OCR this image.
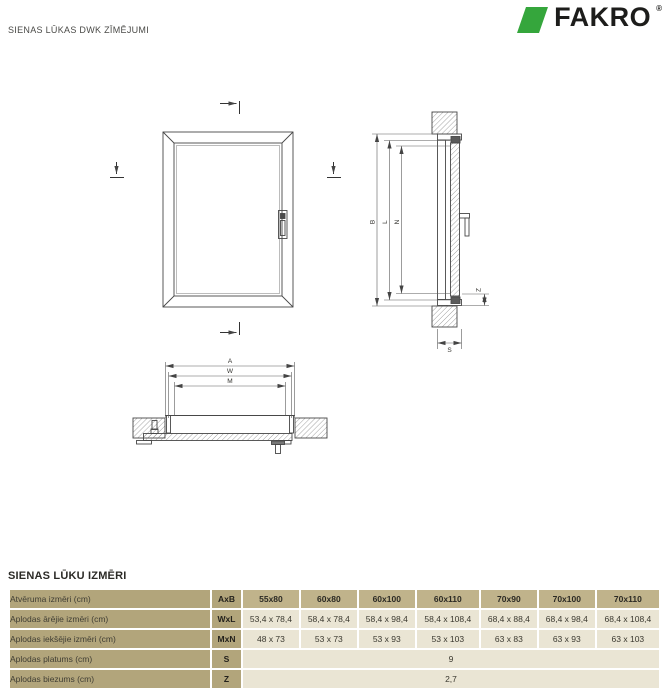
SIENAS LŪKAS DWK ZĪMĒJUMI	FAKRO ®
B L N
Z
S
A
W
M
SIENAS LŪKU IZMĒRI
Atvēruma izmēri (cm)	AxB	55x80	60x80	60x100	60x110	70x90	70x100	70x110
Aplodas ārējie izmēri (cm)	WxL	53,4 x 78,4	58,4 x 78,4	58,4 x 98,4	58,4 x 108,4	68,4 x 88,4	68,4 x 98,4	68,4 x 108,4
Aplodas iekšējie izmēri (cm)	MxN	48 x 73	53 x 73	53 x 93	53 x 103	63 x 83	63 x 93	63 x 103
Aplodas platums (cm)	S	9						
Aplodas biezums (cm)	Z	2,7						
